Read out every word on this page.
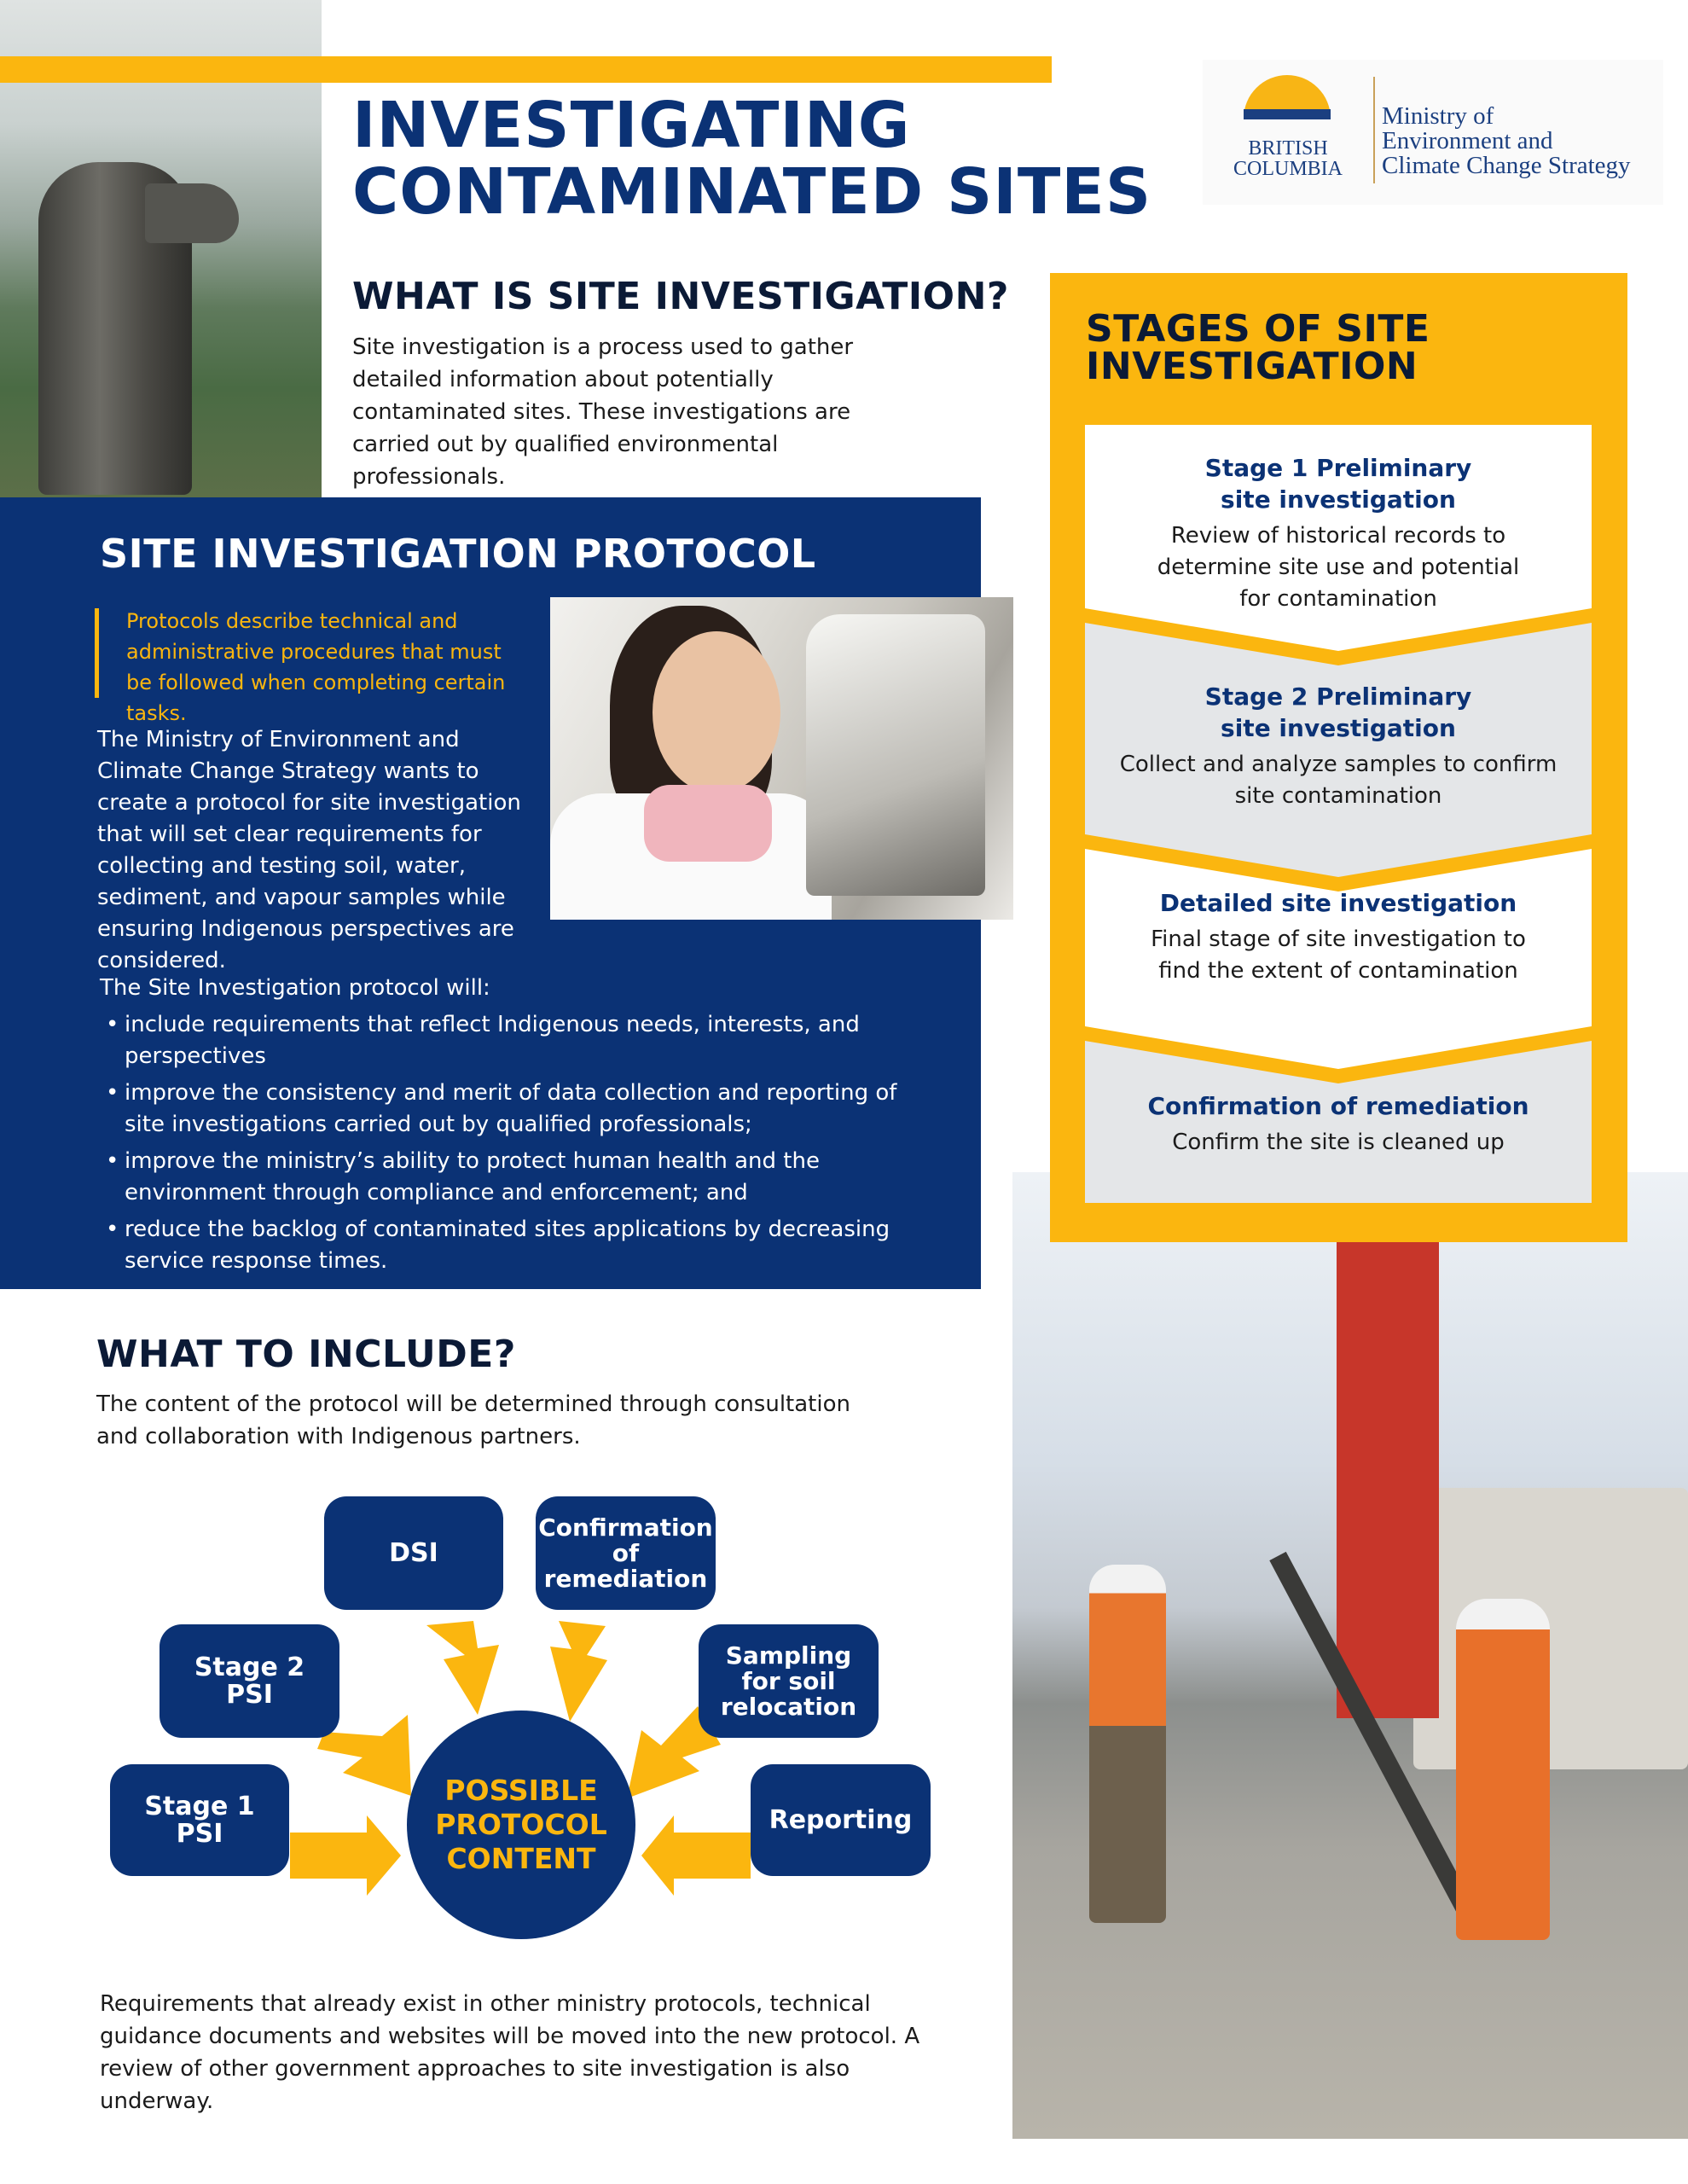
INVESTIGATING
CONTAMINATED SITES
BRITISH
COLUMBIA
Ministry of
Environment and
Climate Change Strategy
WHAT IS SITE INVESTIGATION?
Site investigation is a process used to gather detailed information about potentially contaminated sites. These investigations are carried out by qualified environmental professionals.
SITE INVESTIGATION PROTOCOL
Protocols describe technical and administrative procedures that must be followed when completing certain tasks.
The Ministry of Environment and Climate Change Strategy wants to create a protocol for site investigation that will set clear requirements for collecting and testing soil, water, sediment, and vapour samples while ensuring Indigenous perspectives are considered.
The Site Investigation protocol will:
• include requirements that reflect Indigenous needs, interests, and perspectives
• improve the consistency and merit of data collection and reporting of site investigations carried out by qualified professionals;
• improve the ministry’s ability to protect human health and the environment through compliance and enforcement; and
• reduce the backlog of contaminated sites applications by decreasing service response times.
STAGES OF SITE
INVESTIGATION
Stage 1 Preliminary site investigation
Review of historical records to determine site use and potential for contamination
Stage 2 Preliminary site investigation
Collect and analyze samples to confirm site contamination
Detailed site investigation
Final stage of site investigation to find the extent of contamination
Confirmation of remediation
Confirm the site is cleaned up
WHAT TO INCLUDE?
The content of the protocol will be determined through consultation and collaboration with Indigenous partners.
POSSIBLE
PROTOCOL
CONTENT
Stage 1
PSI
Stage 2
PSI
DSI
Confirmation
of
remediation
Sampling
for soil
relocation
Reporting
Requirements that already exist in other ministry protocols, technical guidance documents and websites will be moved into the new protocol. A review of other government approaches to site investigation is also underway.
